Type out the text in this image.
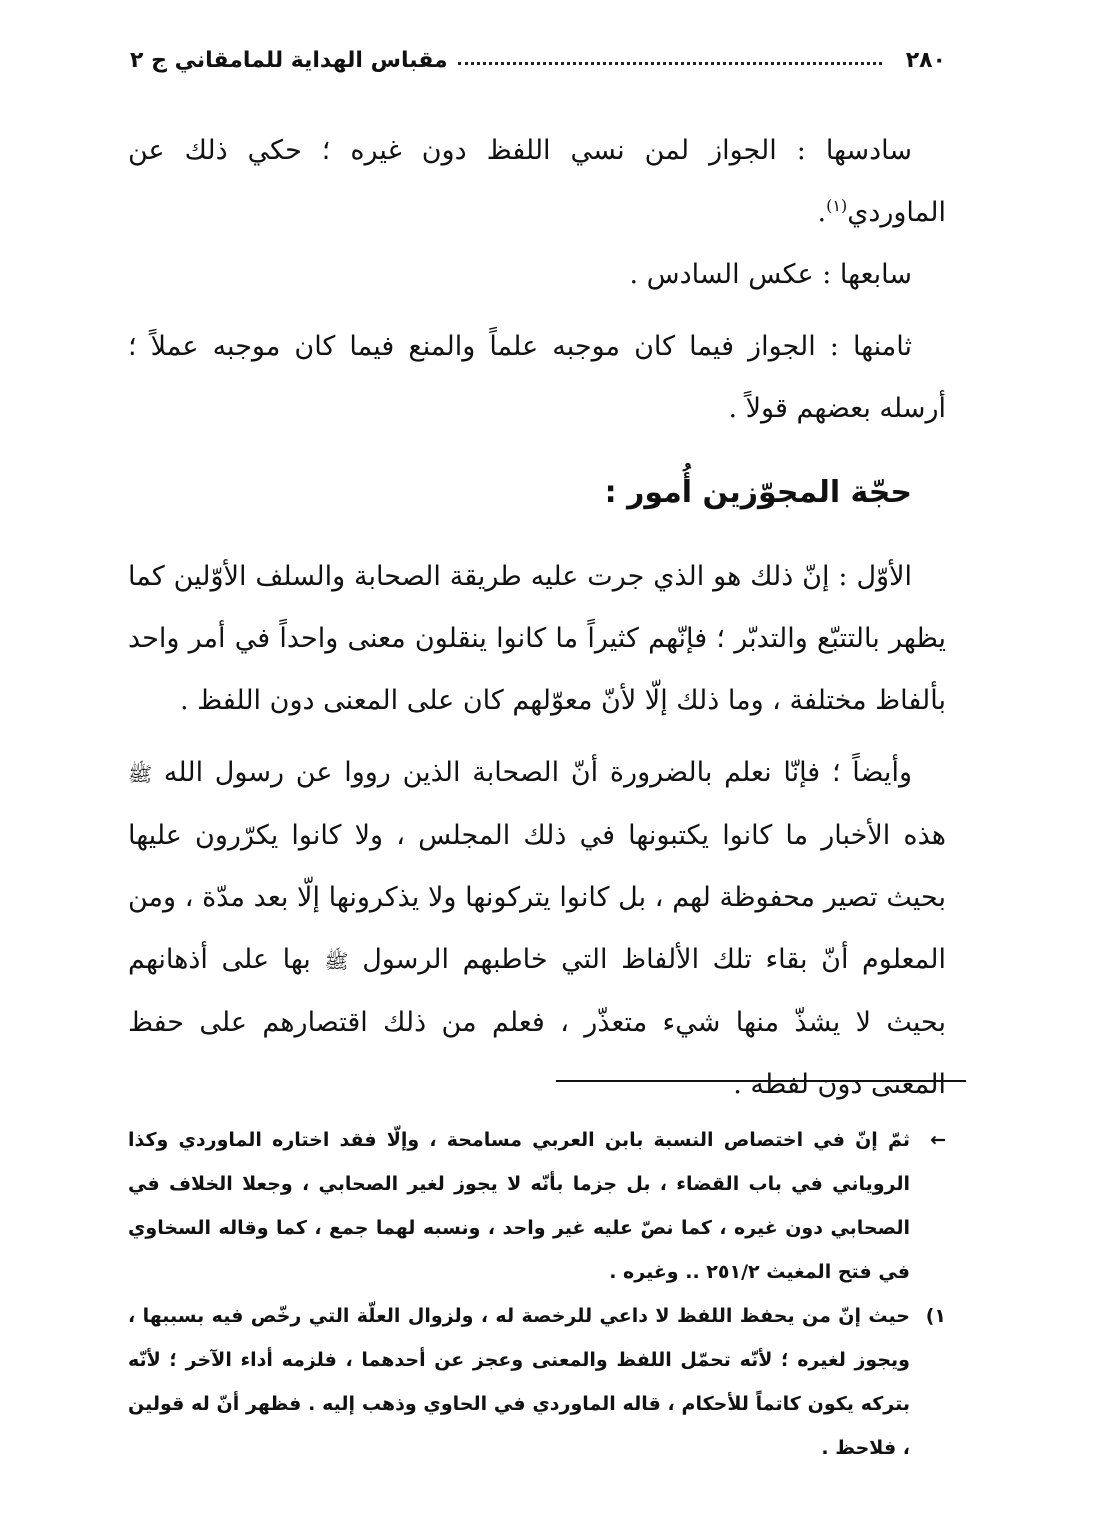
٢٨٠
مقباس الهداية للمامقاني ج ٢

سادسها : الجواز لمن نسي اللفظ دون غيره ؛ حكي ذلك عن الماوردي$^{(١)}$.

سابعها : عكس السادس .

ثامنها : الجواز فيما كان موجبه علماً والمنع فيما كان موجبه عملاً ؛ أرسله بعضهم قولاً .

حجّة المجوّزين أُمور :

الأوّل : إنّ ذلك هو الذي جرت عليه طريقة الصحابة والسلف الأوّلين كما يظهر بالتتبّع والتدبّر ؛ فإنّهم كثيراً ما كانوا ينقلون معنى واحداً في أمر واحد بألفاظ مختلفة ، وما ذلك إلّا لأنّ معوّلهم كان على المعنى دون اللفظ .

وأيضاً ؛ فإنّا نعلم بالضرورة أنّ الصحابة الذين رووا عن رسول الله ﷺ هذه الأخبار ما كانوا يكتبونها في ذلك المجلس ، ولا كانوا يكرّرون عليها بحيث تصير محفوظة لهم ، بل كانوا يتركونها ولا يذكرونها إلّا بعد مدّة ، ومن المعلوم أنّ بقاء تلك الألفاظ التي خاطبهم الرسول ﷺ بها على أذهانهم بحيث لا يشذّ منها شيء متعذّر ، فعلم من ذلك اقتصارهم على حفظ المعنى دون لفظه .

←

ثمّ إنّ في اختصاص النسبة بابن العربي مسامحة ، وإلّا فقد اختاره الماوردي وكذا الروياني في باب القضاء ، بل جزما بأنّه لا يجوز لغير الصحابي ، وجعلا الخلاف في الصحابي دون غيره ، كما نصّ عليه غير واحد ، ونسبه لهما جمع ، كما وقاله السخاوي في فتح المغيث ٢٥١/٢ .. وغيره .

١)

حيث إنّ من يحفظ اللفظ لا داعي للرخصة له ، ولزوال العلّة التي رخّص فيه بسببها ، ويجوز لغيره ؛ لأنّه تحمّل اللفظ والمعنى وعجز عن أحدهما ، فلزمه أداء الآخر ؛ لأنّه بتركه يكون كاتماً للأحكام ، قاله الماوردي في الحاوي وذهب إليه . فظهر أنّ له قولين ، فلاحظ .
